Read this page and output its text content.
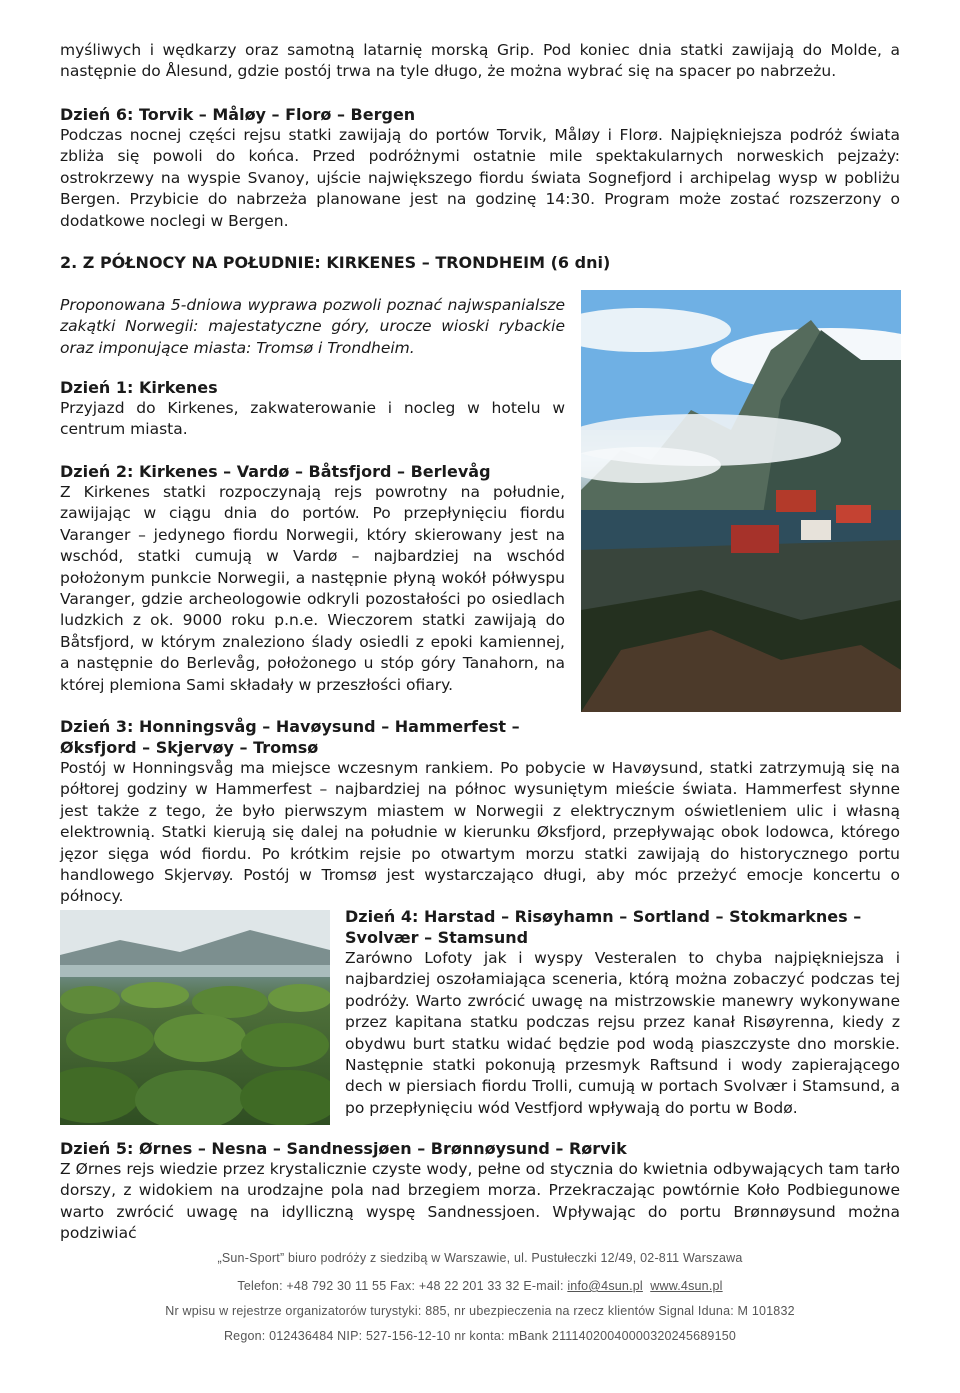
myśliwych i wędkarzy oraz samotną latarnię morską Grip. Pod koniec dnia statki zawijają do Molde, a następnie do Ålesund, gdzie postój trwa na tyle długo, że można wybrać się na spacer po nabrzeżu.
Dzień 6: Torvik – Måløy – Florø – Bergen
Podczas nocnej części rejsu statki zawijają do portów Torvik, Måløy i Florø. Najpiękniejsza podróż świata zbliża się powoli do końca. Przed podróżnymi ostatnie mile spektakularnych norweskich pejzaży: ostrokrzewy na wyspie Svanoy, ujście największego fiordu świata Sognefjord i archipelag wysp w pobliżu Bergen. Przybicie do nabrzeża planowane jest na godzinę 14:30. Program może zostać rozszerzony o dodatkowe noclegi w Bergen.
2. Z PÓŁNOCY NA POŁUDNIE: KIRKENES – TRONDHEIM (6 dni)
Proponowana 5-dniowa wyprawa pozwoli poznać najwspanialsze zakątki Norwegii: majestatyczne góry, urocze wioski rybackie oraz imponujące miasta: Tromsø i Trondheim.
Dzień 1: Kirkenes
Przyjazd do Kirkenes, zakwaterowanie i nocleg w hotelu w centrum miasta.
Dzień 2: Kirkenes – Vardø – Båtsfjord – Berlevåg
Z Kirkenes statki rozpoczynają rejs powrotny na południe, zawijając w ciągu dnia do portów. Po przepłynięciu fiordu Varanger – jedynego fiordu Norwegii, który skierowany jest na wschód, statki cumują w Vardø – najbardziej na wschód położonym punkcie Norwegii, a następnie płyną wokół półwyspu Varanger, gdzie archeologowie odkryli pozostałości po osiedlach ludzkich z ok. 9000 roku p.n.e. Wieczorem statki zawijają do Båtsfjord, w którym znaleziono ślady osiedli z epoki kamiennej, a następnie do Berlevåg, położonego u stóp góry Tanahorn, na której plemiona Sami składały w przeszłości ofiary.
Dzień 3: Honningsvåg – Havøysund – Hammerfest –
Øksfjord – Skjervøy – Tromsø
Postój w Honningsvåg ma miejsce wczesnym rankiem. Po pobycie w Havøysund, statki zatrzymują się na półtorej godziny w Hammerfest – najbardziej na północ wysuniętym mieście świata. Hammerfest słynne jest także z tego, że było pierwszym miastem w Norwegii z elektrycznym oświetleniem ulic i własną elektrownią. Statki kierują się dalej na południe w kierunku Øksfjord, przepływając obok lodowca, którego jęzor sięga wód fiordu. Po krótkim rejsie po otwartym morzu statki zawijają do historycznego portu handlowego Skjervøy. Postój w Tromsø jest wystarczająco długi, aby móc przeżyć emocje koncertu o północy.
Dzień 4: Harstad – Risøyhamn – Sortland – Stokmarknes –
Svolvær – Stamsund
Zarówno Lofoty jak i wyspy Vesteralen to chyba najpiękniejsza i najbardziej oszołamiająca sceneria, którą można zobaczyć podczas tej podróży. Warto zwrócić uwagę na mistrzowskie manewry wykonywane przez kapitana statku podczas rejsu przez kanał Risøyrenna, kiedy z obydwu burt statku widać będzie pod wodą piaszczyste dno morskie. Następnie statki pokonują przesmyk Raftsund i wody zapierającego dech w piersiach fiordu Trolli, cumują w portach Svolvær i Stamsund, a po przepłynięciu wód Vestfjord wpływają do portu w Bodø.
Dzień 5: Ørnes – Nesna – Sandnessjøen – Brønnøysund – Rørvik
Z Ørnes rejs wiedzie przez krystalicznie czyste wody, pełne od stycznia do kwietnia odbywających tam tarło dorszy, z widokiem na urodzajne pola nad brzegiem morza. Przekraczając powtórnie Koło Podbiegunowe warto zwrócić uwagę na idylliczną wyspę Sandnessjoen. Wpływając do portu Brønnøysund można podziwiać
„Sun-Sport” biuro podróży z siedzibą w Warszawie, ul. Pustułeczki 12/49, 02-811 Warszawa
Telefon: +48 792 30 11 55 Fax: +48 22 201 33 32 E-mail: info@4sun.pl www.4sun.pl
Nr wpisu w rejestrze organizatorów turystyki: 885, nr ubezpieczenia na rzecz klientów Signal Iduna: M 101832
Regon: 012436484 NIP: 527-156-12-10 nr konta: mBank 21114020040000320245689150
